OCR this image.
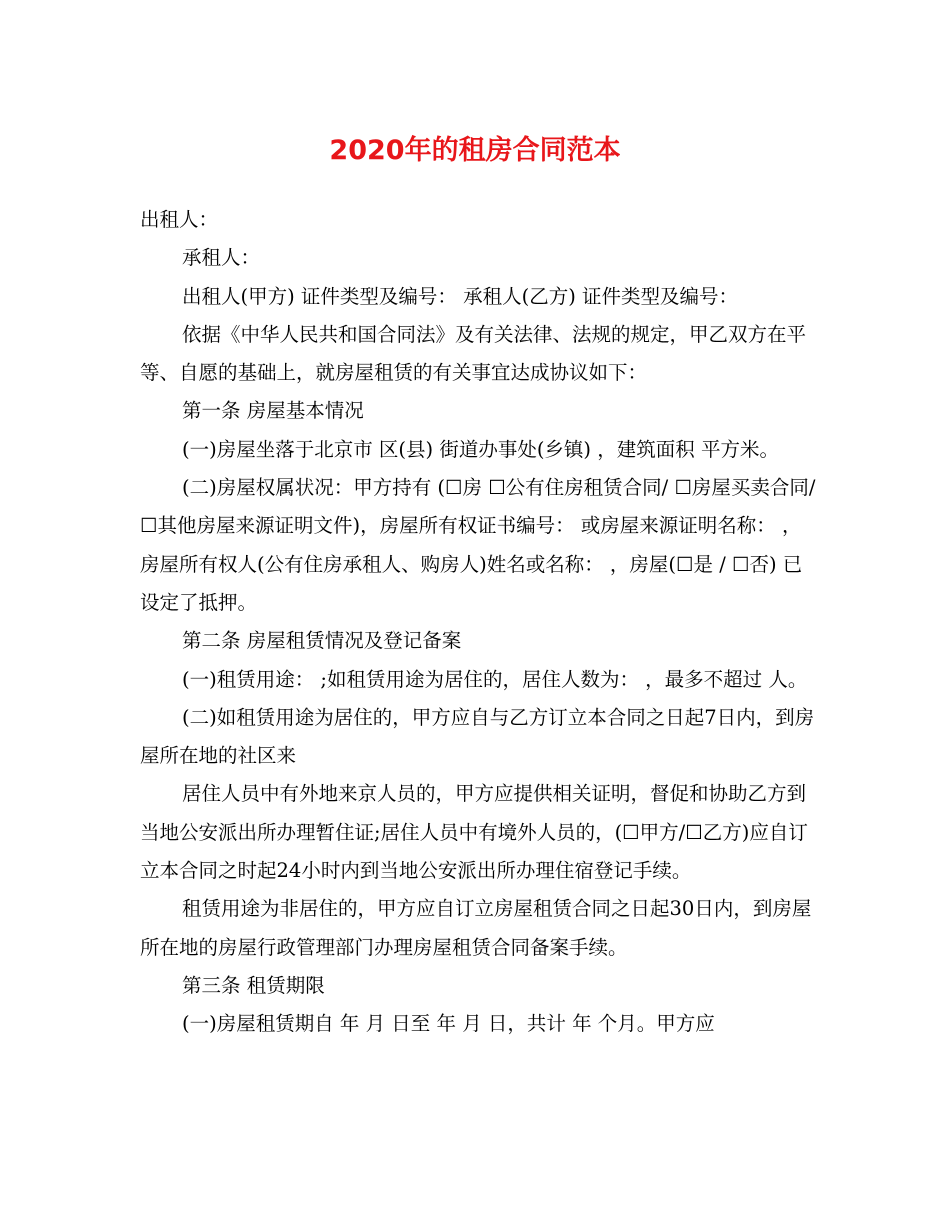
2020年的租房合同范本

出租人：

承租人：

出租人(甲方) 证件类型及编号： 承租人(乙方) 证件类型及编号：

依据《中华人民共和国合同法》及有关法律、法规的规定，甲乙双方在平等、自愿的基础上，就房屋租赁的有关事宜达成协议如下：

第一条 房屋基本情况

(一)房屋坐落于北京市 区(县) 街道办事处(乡镇) ，建筑面积 平方米。

(二)房屋权属状况：甲方持有 (☐房 ☐公有住房租赁合同/ ☐房屋买卖合同/ ☐其他房屋来源证明文件)，房屋所有权证书编号： 或房屋来源证明名称： ，房屋所有权人(公有住房承租人、购房人)姓名或名称： ，房屋(☐是 / ☐否) 已设定了抵押。

第二条 房屋租赁情况及登记备案

(一)租赁用途： ;如租赁用途为居住的，居住人数为： ，最多不超过 人。

(二)如租赁用途为居住的，甲方应自与乙方订立本合同之日起7日内，到房屋所在地的社区来

居住人员中有外地来京人员的，甲方应提供相关证明，督促和协助乙方到当地公安派出所办理暂住证;居住人员中有境外人员的，(☐甲方/☐乙方)应自订立本合同之时起24小时内到当地公安派出所办理住宿登记手续。

租赁用途为非居住的，甲方应自订立房屋租赁合同之日起30日内，到房屋所在地的房屋行政管理部门办理房屋租赁合同备案手续。

第三条 租赁期限

(一)房屋租赁期自 年 月 日至 年 月 日，共计 年 个月。甲方应
